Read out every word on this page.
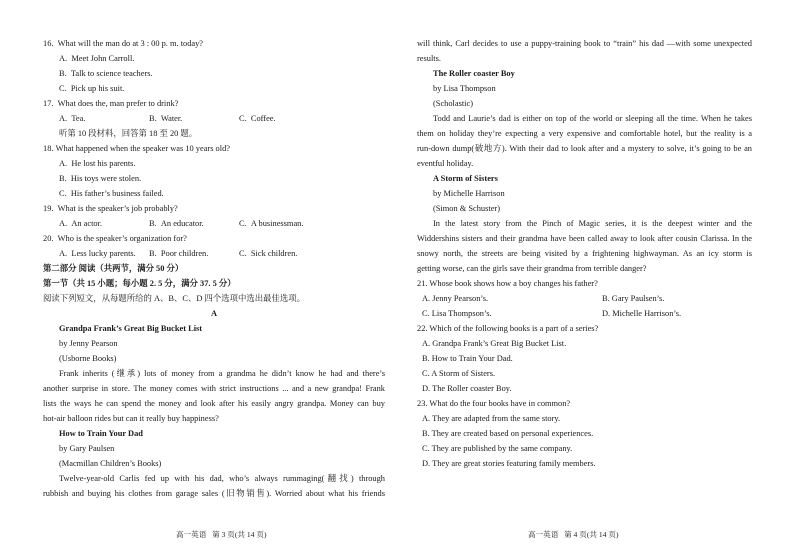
16.  What will the man do at 3 : 00 p. m. today?
A.  Meet John Carroll.
B.  Talk to science teachers.
C.  Pick up his suit.
17.  What does the, man prefer to drink?
A.  Tea.	B.  Water.	C.  Coffee.
听第 10 段材料，回答第 18 至 20 题。
18. What happened when the speaker was 10 years old?
A.  He lost his parents.
B.  His toys were stolen.
C.  His father’s business failed.
19.  What is the speaker’s job probably?
A.  An actor.	B.  An educator.	C.  A businessman.
20.  Who is the speaker’s organization for?
A.  Less lucky parents.	B.  Poor children.	C.  Sick children.
第二部分 阅读（共两节，满分 50 分）
第一节（共 15 小题；每小题 2. 5 分，满分 37. 5 分）
阅读下列短文，从每题所给的 A、B、C、D 四个选项中选出最佳选项。
A
Grandpa Frank’s Great Big Bucket List
by Jenny Pearson
(Usborne Books)
Frank inherits (继承) lots of money from a grandma he didn’t know he had and there’s
another surprise in store. The money comes with strict instructions ... and a new grandpa! Frank
lists the ways he can spend the money and look after his easily angry grandpa. Money can buy
hot-air balloon rides but can it really buy happiness?
How to Train Your Dad
by Gary Paulsen
(Macmillan Children’s Books)
Twelve-year-old Carlis fed up with his dad, who’s always rummaging(翻找) through
rubbish and buying his clothes from garage sales (旧物销售). Worried about what his friends
will think, Carl decides to use a puppy-training book to “train” his dad —with some unexpected
results.
The Roller coaster Boy
by Lisa Thompson
(Scholastic)
Todd and Laurie’s dad is either on top of the world or sleeping all the time. When he takes
them on holiday they’re expecting a very expensive and comfortable hotel, but the reality is a
run-down dump(破地方). With their dad to look after and a mystery to solve, it’s going to be an
eventful holiday.
A Storm of Sisters
by Michelle Harrison
(Simon & Schuster)
In the latest story from the Pinch of Magic series, it is the deepest winter and the
Widdershins sisters and their grandma have been called away to look after cousin Clarissa. In the
snowy north, the streets are being visited by a frightening highwayman. As an icy storm is
getting worse, can the girls save their grandma from terrible danger?
21. Whose book shows how a boy changes his father?
A. Jenny Pearson’s.	B. Gary Paulsen’s.
C. Lisa Thompson’s.	D. Michelle Harrison’s.
22. Which of the following books is a part of a series?
A. Grandpa Frank’s Great Big Bucket List.
B. How to Train Your Dad.
C. A Storm of Sisters.
D. The Roller coaster Boy.
23. What do the four books have in common?
A. They are adapted from the same story.
B. They are created based on personal experiences.
C. They are published by the same company.
D. They are great stories featuring family members.
高一英语   第 3 页(共 14 页)	高一英语   第 4 页(共 14 页)
